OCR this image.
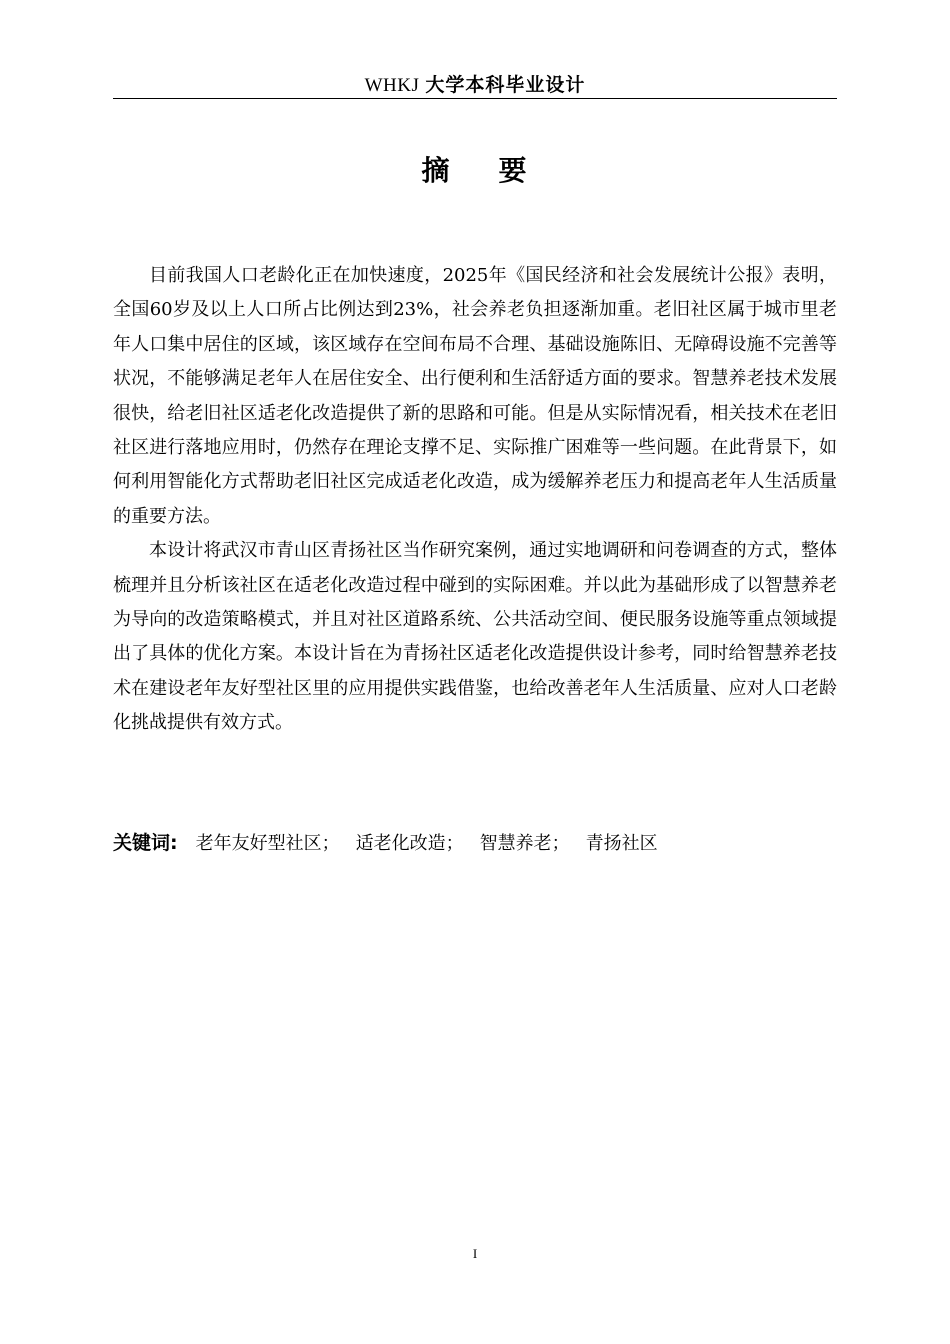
WHKJ 大学本科毕业设计
摘    要

目前我国人口老龄化正在加快速度，2025年《国民经济和社会发展统计公报》表明，全国60岁及以上人口所占比例达到23%，社会养老负担逐渐加重。老旧社区属于城市里老年人口集中居住的区域，该区域存在空间布局不合理、基础设施陈旧、无障碍设施不完善等状况，不能够满足老年人在居住安全、出行便利和生活舒适方面的要求。智慧养老技术发展很快，给老旧社区适老化改造提供了新的思路和可能。但是从实际情况看，相关技术在老旧社区进行落地应用时，仍然存在理论支撑不足、实际推广困难等一些问题。在此背景下，如何利用智能化方式帮助老旧社区完成适老化改造，成为缓解养老压力和提高老年人生活质量的重要方法。

本设计将武汉市青山区青扬社区当作研究案例，通过实地调研和问卷调查的方式，整体梳理并且分析该社区在适老化改造过程中碰到的实际困难。并以此为基础形成了以智慧养老为导向的改造策略模式，并且对社区道路系统、公共活动空间、便民服务设施等重点领域提出了具体的优化方案。本设计旨在为青扬社区适老化改造提供设计参考，同时给智慧养老技术在建设老年友好型社区里的应用提供实践借鉴，也给改善老年人生活质量、应对人口老龄化挑战提供有效方式。

关键词: 老年友好型社区； 适老化改造； 智慧养老； 青扬社区
I
